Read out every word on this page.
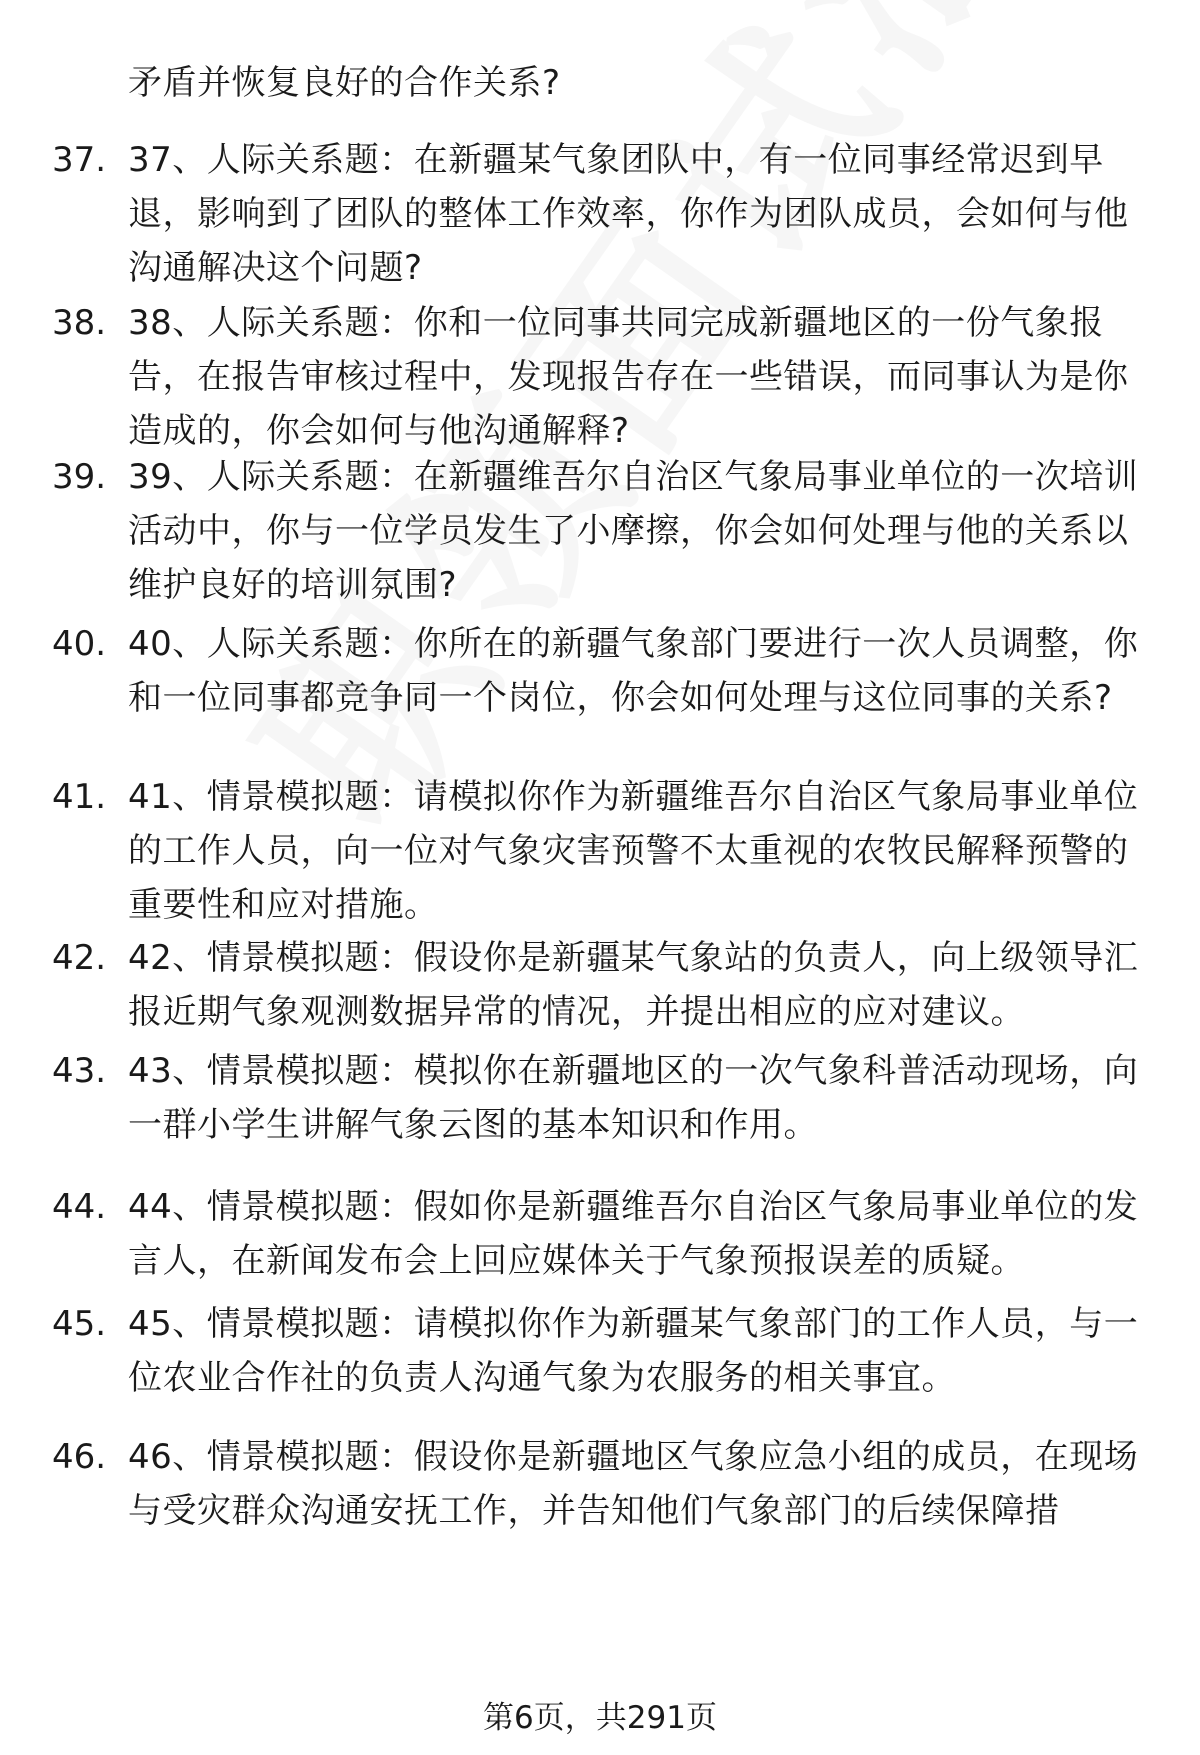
矛盾并恢复良好的合作关系?
37. 37、人际关系题：在新疆某气象团队中，有一位同事经常迟到早退，影响到了团队的整体工作效率，你作为团队成员，会如何与他沟通解决这个问题?
38. 38、人际关系题：你和一位同事共同完成新疆地区的一份气象报告，在报告审核过程中，发现报告存在一些错误，而同事认为是你造成的，你会如何与他沟通解释?
39. 39、人际关系题：在新疆维吾尔自治区气象局事业单位的一次培训活动中，你与一位学员发生了小摩擦，你会如何处理与他的关系以维护良好的培训氛围?
40. 40、人际关系题：你所在的新疆气象部门要进行一次人员调整，你和一位同事都竞争同一个岗位，你会如何处理与这位同事的关系?
41. 41、情景模拟题：请模拟你作为新疆维吾尔自治区气象局事业单位的工作人员，向一位对气象灾害预警不太重视的农牧民解释预警的重要性和应对措施。
42. 42、情景模拟题：假设你是新疆某气象站的负责人，向上级领导汇报近期气象观测数据异常的情况，并提出相应的应对建议。
43. 43、情景模拟题：模拟你在新疆地区的一次气象科普活动现场，向一群小学生讲解气象云图的基本知识和作用。
44. 44、情景模拟题：假如你是新疆维吾尔自治区气象局事业单位的发言人，在新闻发布会上回应媒体关于气象预报误差的质疑。
45. 45、情景模拟题：请模拟你作为新疆某气象部门的工作人员，与一位农业合作社的负责人沟通气象为农服务的相关事宜。
46. 46、情景模拟题：假设你是新疆地区气象应急小组的成员，在现场与受灾群众沟通安抚工作，并告知他们气象部门的后续保障措
第6页，共291页
